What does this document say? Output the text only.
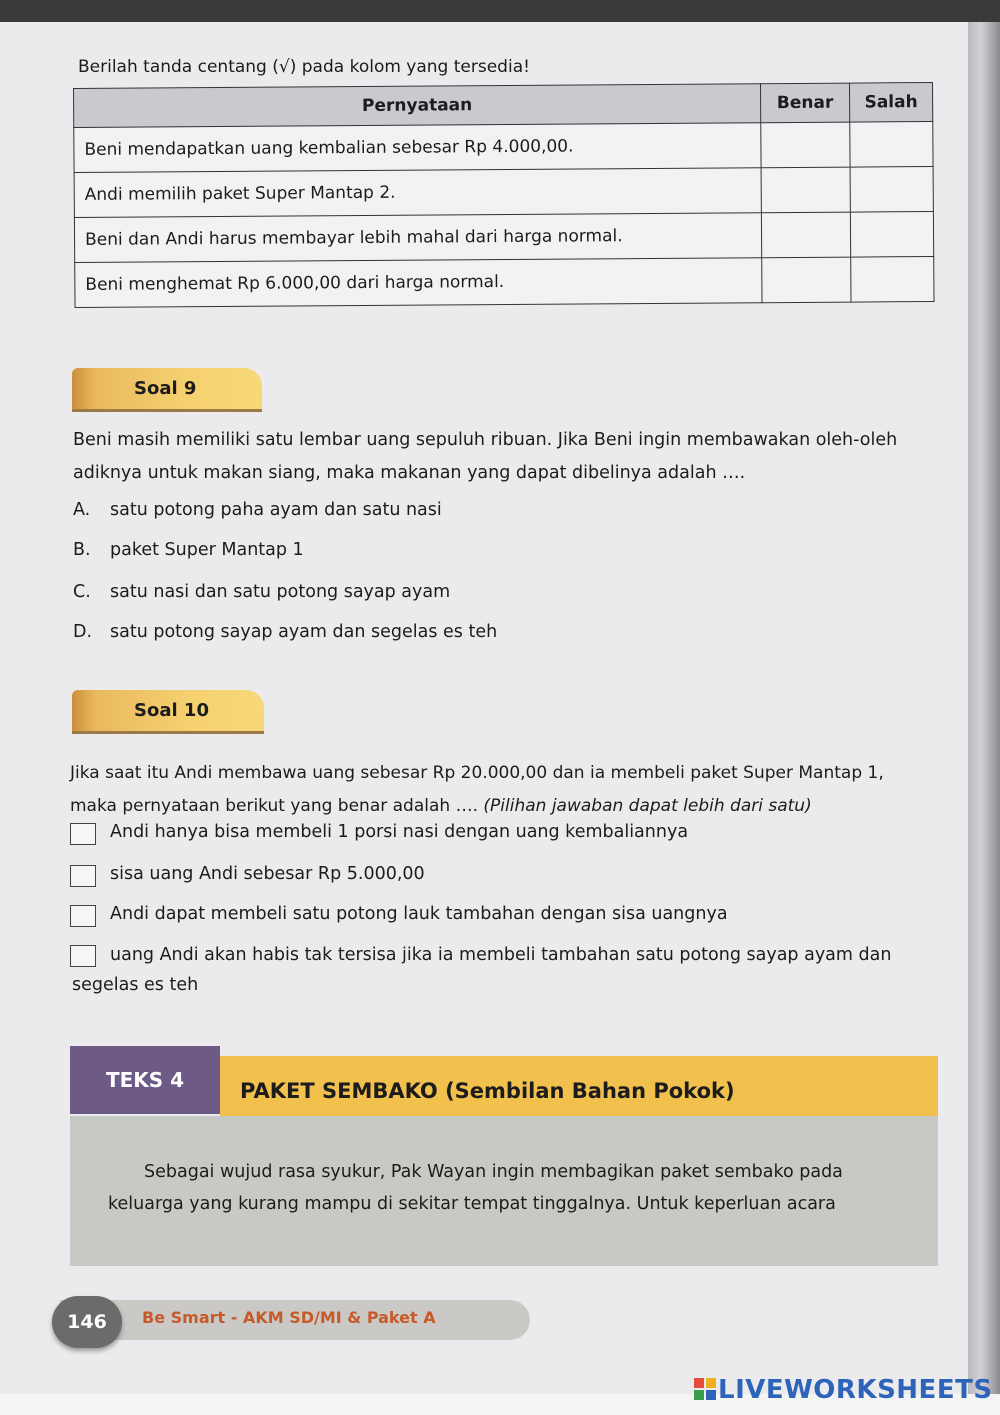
Berilah tanda centang (√) pada kolom yang tersedia!
Pernyataan	Benar	Salah
Beni mendapatkan uang kembalian sebesar Rp 4.000,00.		
Andi memilih paket Super Mantap 2.		
Beni dan Andi harus membayar lebih mahal dari harga normal.		
Beni menghemat Rp 6.000,00 dari harga normal.		
Soal 9
Beni masih memiliki satu lembar uang sepuluh ribuan. Jika Beni ingin membawakan oleh-oleh
adiknya untuk makan siang, maka makanan yang dapat dibelinya adalah ….
A. satu potong paha ayam dan satu nasi
B. paket Super Mantap 1
C. satu nasi dan satu potong sayap ayam
D. satu potong sayap ayam dan segelas es teh
Soal 10
Jika saat itu Andi membawa uang sebesar Rp 20.000,00 dan ia membeli paket Super Mantap 1,
maka pernyataan berikut yang benar adalah …. (Pilihan jawaban dapat lebih dari satu)
Andi hanya bisa membeli 1 porsi nasi dengan uang kembaliannya
sisa uang Andi sebesar Rp 5.000,00
Andi dapat membeli satu potong lauk tambahan dengan sisa uangnya
uang Andi akan habis tak tersisa jika ia membeli tambahan satu potong sayap ayam dan
segelas es teh
PAKET SEMBAKO (Sembilan Bahan Pokok)
TEKS 4
Sebagai wujud rasa syukur, Pak Wayan ingin membagikan paket sembako pada
keluarga yang kurang mampu di sekitar tempat tinggalnya. Untuk keperluan acara
146	Be Smart - AKM SD/MI & Paket A
LIVEWORKSHEETS
